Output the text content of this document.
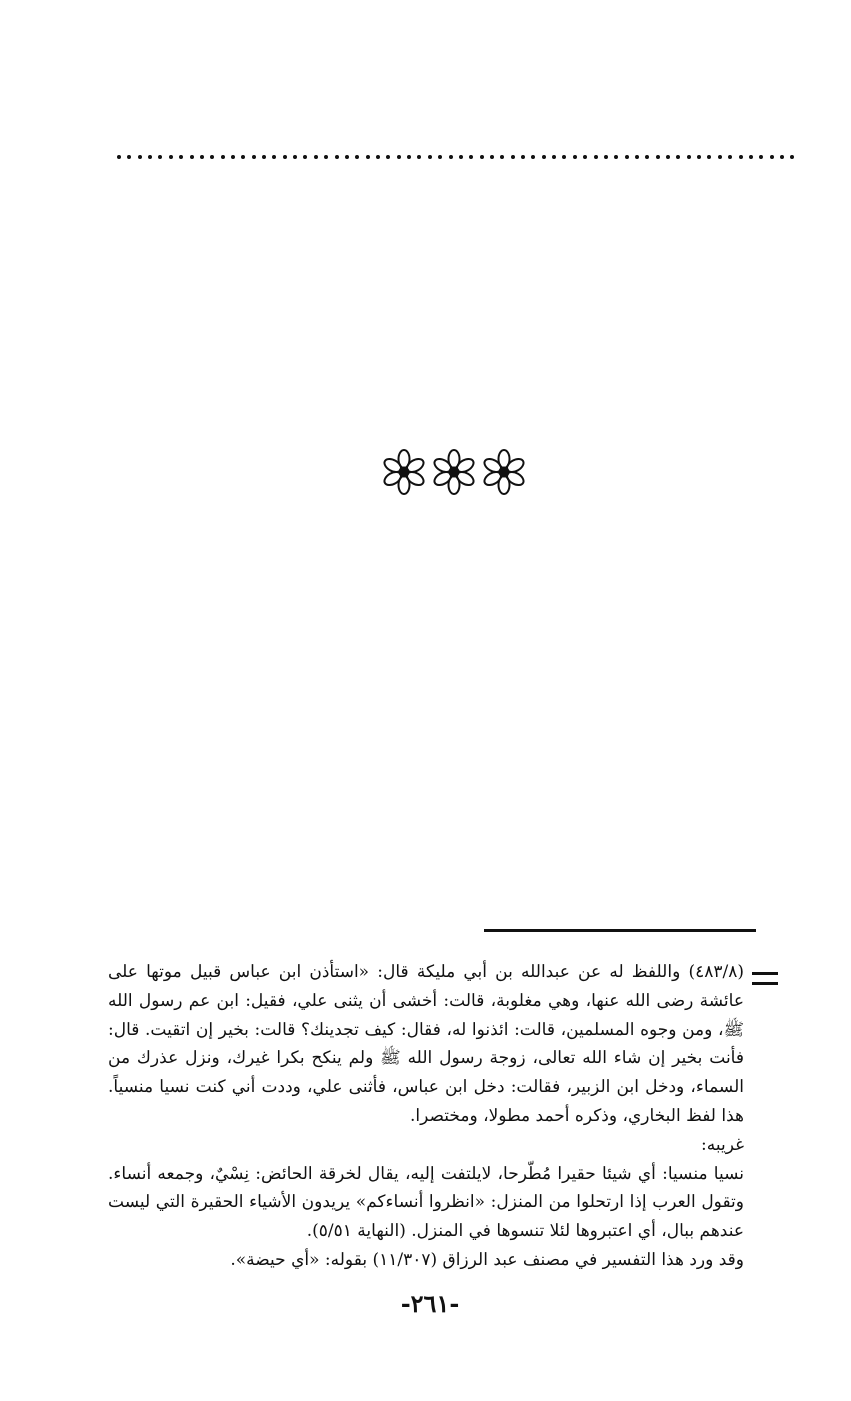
(٤٨٣/٨) واللفظ له عن عبدالله بن أبي مليكة قال: «استأذن ابن عباس قبيل موتها على عائشة رضى الله عنها، وهي مغلوبة، قالت: أخشى أن يثنى علي، فقيل: ابن عم رسول الله ﷺ، ومن وجوه المسلمين، قالت: ائذنوا له، فقال: كيف تجدينك؟ قالت: بخير إن اتقيت. قال: فأنت بخير إن شاء الله تعالى، زوجة رسول الله ﷺ ولم ينكح بكرا غيرك، ونزل عذرك من السماء، ودخل ابن الزبير، فقالت: دخل ابن عباس، فأثنى علي، وددت أني كنت نسيا منسياً. هذا لفظ البخاري، وذكره أحمد مطولا، ومختصرا.

غريبه:

نسيا منسيا: أي شيئا حقيرا مُطّرحا، لايلتفت إليه، يقال لخرقة الحائض: نِسْيٌ، وجمعه أنساء. وتقول العرب إذا ارتحلوا من المنزل: «انظروا أنساءكم» يريدون الأشياء الحقيرة التي ليست عندهم ببال، أي اعتبروها لئلا تنسوها في المنزل. (النهاية ٥/٥١).

وقد ورد هذا التفسير في مصنف عبد الرزاق (١١/٣٠٧) بقوله: «أي حيضة».

-٢٦١-
